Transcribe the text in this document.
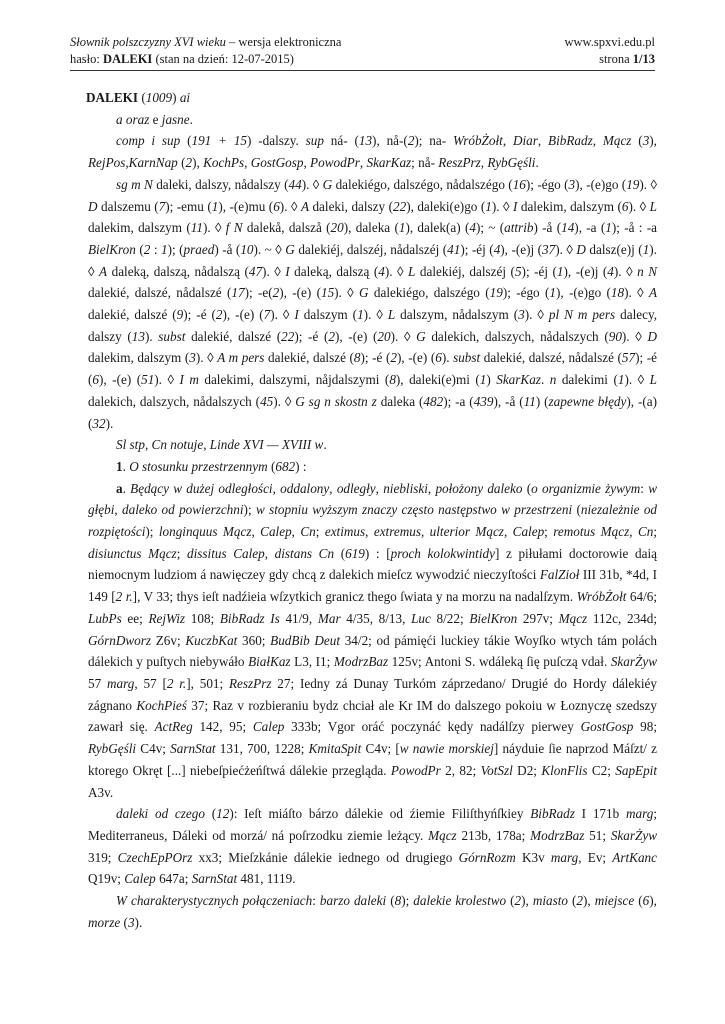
Słownik polszczyzny XVI wieku – wersja elektroniczna	www.spxvi.edu.pl
hasło: DALEKI (stan na dzień: 12-07-2015)	strona 1/13

DALEKI (1009) ai

a oraz e jasne.

comp i sup (191 + 15) -dalszy. sup ná- (13), nå-(2); na- WróbŻołt, Diar, BibRadz, Mącz (3), RejPos,KarnNap (2), KochPs, GostGosp, PowodPr, SkarKaz; nå- ReszPrz, RybGęśli.

sg m N daleki, dalszy, nådalszy (44). ◊ G dalekiégo, dalszégo, nådalszégo (16); -égo (3), -(e)go (19). ◊ D dalszemu (7); -emu (1), -(e)mu (6). ◊ A daleki, dalszy (22), daleki(e)go (1). ◊ I dalekim, dalszym (6). ◊ L dalekim, dalszym (11). ◊ f N dalekå, dalszå (20), daleka (1), dalek(a) (4); ~ (attrib) -å (14), -a (1); -å : -a BielKron (2 : 1); (praed) -å (10). ~ ◊ G dalekiéj, dalszéj, nådalszéj (41); -éj (4), -(e)j (37). ◊ D dalsz(e)j (1). ◊ A daleką, dalszą, nådalszą (47). ◊ I daleką, dalszą (4). ◊ L dalekiéj, dalszéj (5); -éj (1), -(e)j (4). ◊ n N dalekié, dalszé, nådalszé (17); -e(2), -(e) (15). ◊ G dalekiégo, dalszégo (19); -égo (1), -(e)go (18). ◊ A dalekié, dalszé (9); -é (2), -(e) (7). ◊ I dalszym (1). ◊ L dalszym, nådalszym (3). ◊ pl N m pers dalecy, dalszy (13). subst dalekié, dalszé (22); -é (2), -(e) (20). ◊ G dalekich, dalszych, nådalszych (90). ◊ D dalekim, dalszym (3). ◊ A m pers dalekié, dalszé (8); -é (2), -(e) (6). subst dalekié, dalszé, nådalszé (57); -é (6), -(e) (51). ◊ I m dalekimi, dalszymi, nåjdalszymi (8), daleki(e)mi (1) SkarKaz. n dalekimi (1). ◊ L dalekich, dalszych, nådalszych (45). ◊ G sg n skostn z daleka (482); -a (439), -å (11) (zapewne błędy), -(a) (32).

Sl stp, Cn notuje, Linde XVI — XVIII w.

1. O stosunku przestrzennym (682) :

a. Będący w dużej odległości, oddalony, odległy, niebliski, położony daleko (o organizmie żywym: w głębi, daleko od powierzchni); w stopniu wyższym znaczy często następstwo w przestrzeni (niezależnie od rozpiętości); longinquus Mącz, Calep, Cn; extimus, extremus, ulterior Mącz, Calep; remotus Mącz, Cn; disiunctus Mącz; dissitus Calep, distans Cn (619) : [proch kolokwintidy] z piłułami doctorowie daią niemocnym ludziom á nawięczey gdy chcą z dalekich mieſcz wywodzić nieczyſtości FalZioł III 31b, *4d, I 149 [2 r.], V 33; thys ieſt nadźieia wſzytkich granicz thego ſwiata y na morzu na nadalſzym. WróbŻołt 64/6; LubPs ee; RejWiz 108; BibRadz Is 41/9, Mar 4/35, 8/13, Luc 8/22; BielKron 297v; Mącz 112c, 234d; GórnDworz Z6v; KuczbKat 360; BudBib Deut 34/2; od pámięći luckiey tákie Woyſko wtych tám polách dálekich y puſtych niebywáło BiałKaz L3, I1; ModrzBaz 125v; Antoni S. wdáleką ſię puſczą vdał. SkarŻyw 57 marg, 57 [2 r.], 501; ReszPrz 27; Iedny zá Dunay Turkóm záprzedano/ Drugié do Hordy dálekiéy zágnano KochPieś 37; Raz v rozbieraniu bydz chciał ale Kr IM do dalszego pokoiu w Łoznyczę szedszy zawarł się. ActReg 142, 95; Calep 333b; Vgor oráć poczynáć kędy nadálſzy pierwey GostGosp 98; RybGęśli C4v; SarnStat 131, 700, 1228; KmitaSpit C4v; [w nawie morskiej] náyduie ſie naprzod Máſzt/ z ktorego Okręt [...] niebeſpiećżeńſtwá dálekie przegląda. PowodPr 2, 82; VotSzl D2; KlonFlis C2; SapEpit A3v.

daleki od czego (12): Ieſt miáſto bárzo dálekie od źiemie Filiſthyńſkiey BibRadz I 171b marg; Mediterraneus, Dáleki od morzá/ ná poſrzodku ziemie leżący. Mącz 213b, 178a; ModrzBaz 51; SkarŻyw 319; CzechEpPOrz xx3; Mieſzkánie dálekie iednego od drugiego GórnRozm K3v marg, Ev; ArtKanc Q19v; Calep 647a; SarnStat 481, 1119.

W charakterystycznych połączeniach: barzo daleki (8); dalekie krolestwo (2), miasto (2), miejsce (6), morze (3).
